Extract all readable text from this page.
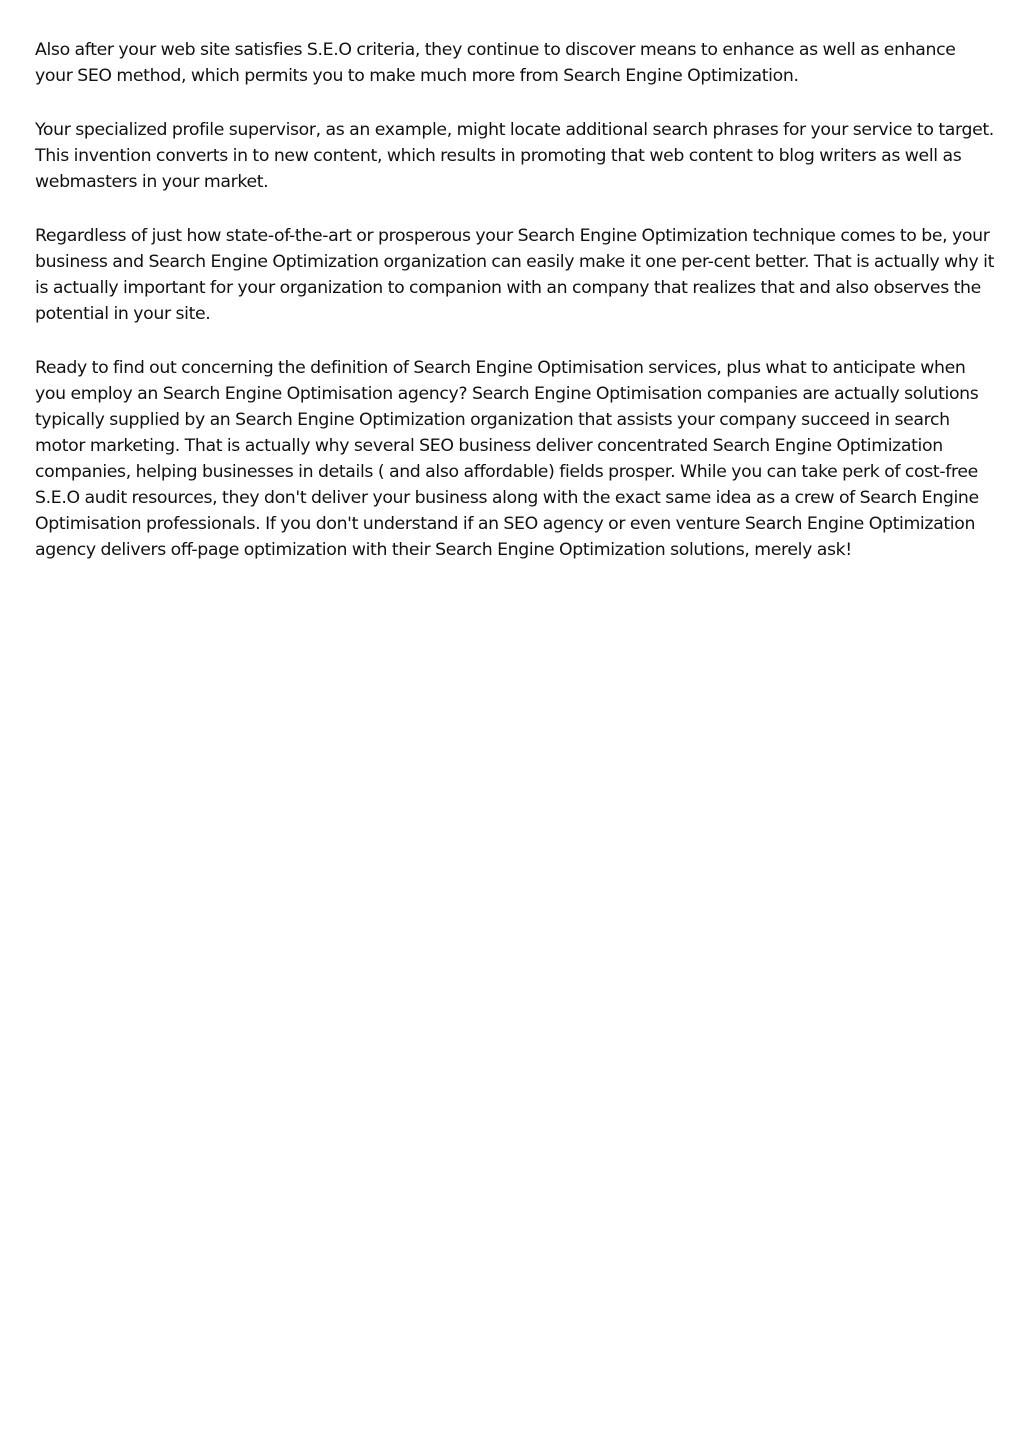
Also after your web site satisfies S.E.O criteria, they continue to discover means to enhance as well as enhance your SEO method, which permits you to make much more from Search Engine Optimization.

Your specialized profile supervisor, as an example, might locate additional search phrases for your service to target. This invention converts in to new content, which results in promoting that web content to blog writers as well as webmasters in your market.

Regardless of just how state-of-the-art or prosperous your Search Engine Optimization technique comes to be, your business and Search Engine Optimization organization can easily make it one per-cent better. That is actually why it is actually important for your organization to companion with an company that realizes that and also observes the potential in your site.

Ready to find out concerning the definition of Search Engine Optimisation services, plus what to anticipate when you employ an Search Engine Optimisation agency? Search Engine Optimisation companies are actually solutions typically supplied by an Search Engine Optimization organization that assists your company succeed in search motor marketing. That is actually why several SEO business deliver concentrated Search Engine Optimization companies, helping businesses in details ( and also affordable) fields prosper. While you can take perk of cost-free S.E.O audit resources, they don't deliver your business along with the exact same idea as a crew of Search Engine Optimisation professionals. If you don't understand if an SEO agency or even venture Search Engine Optimization agency delivers off-page optimization with their Search Engine Optimization solutions, merely ask!
